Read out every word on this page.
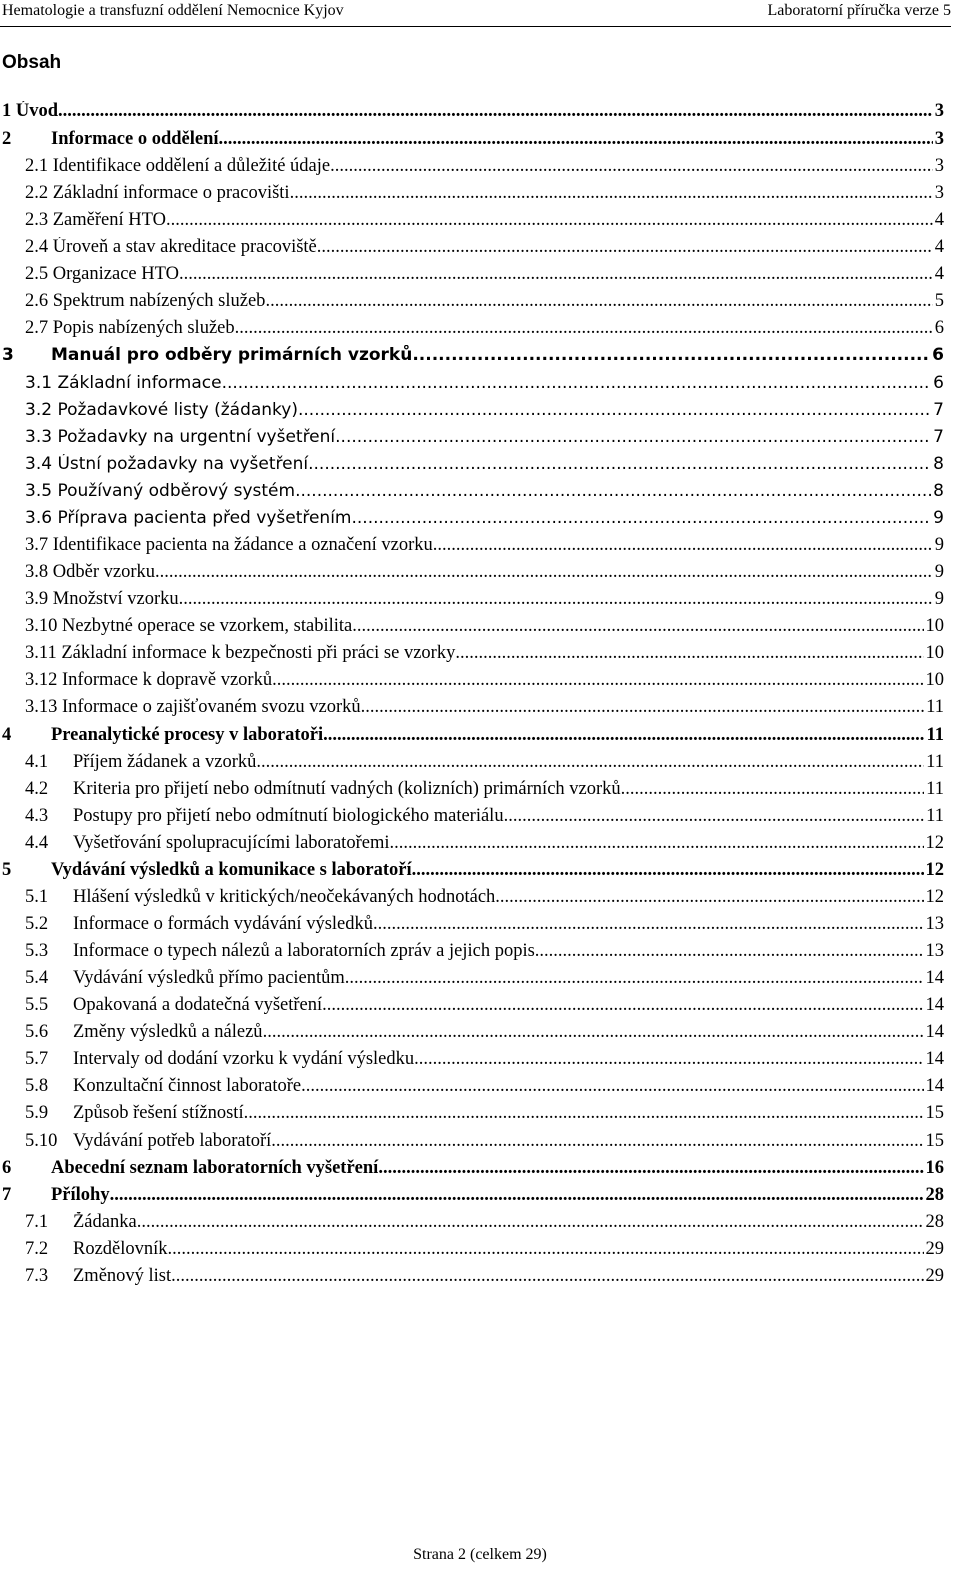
Hematologie a transfuzní oddělení Nemocnice Kyjov	Laboratorní příručka verze 5
Obsah
1 Úvod .....	3
2	Informace o oddělení .....	3
2.1 Identifikace oddělení a důležité údaje .....	3
2.2 Základní informace o pracovišti .....	3
2.3 Zaměření HTO .....	4
2.4 Úroveň a stav akreditace pracoviště .....	4
2.5 Organizace HTO .....	4
2.6 Spektrum nabízených služeb .....	5
2.7 Popis nabízených služeb .....	6
3	Manuál pro odběry primárních vzorků .....	6
3.1 Základní informace .....	6
3.2 Požadavkové listy (žádanky) .....	7
3.3 Požadavky na urgentní vyšetření .....	7
3.4 Ústní požadavky na vyšetření .....	8
3.5 Používaný odběrový systém .....	8
3.6 Příprava pacienta před vyšetřením .....	9
3.7 Identifikace pacienta na žádance a označení vzorku .....	9
3.8 Odběr vzorku .....	9
3.9 Množství vzorku .....	9
3.10 Nezbytné operace se vzorkem, stabilita .....	10
3.11 Základní informace k bezpečnosti při práci se vzorky .....	10
3.12 Informace k dopravě vzorků .....	10
3.13 Informace o zajišťovaném svozu vzorků .....	11
4	Preanalytické procesy v laboratoři .....	11
4.1	Příjem žádanek a vzorků .....	11
4.2	Kriteria pro přijetí nebo odmítnutí vadných (kolizních) primárních vzorků .....	11
4.3	Postupy pro přijetí nebo odmítnutí biologického materiálu .....	11
4.4	Vyšetřování spolupracujícími laboratořemi .....	12
5	Vydávání výsledků a komunikace s laboratoří .....	12
5.1	Hlášení výsledků v kritických/neočekávaných hodnotách .....	12
5.2	Informace o formách vydávání výsledků .....	13
5.3	Informace o typech nálezů a laboratorních zpráv a jejich popis .....	13
5.4	Vydávání výsledků přímo pacientům .....	14
5.5	Opakovaná a dodatečná vyšetření .....	14
5.6	Změny výsledků a nálezů .....	14
5.7	Intervaly od dodání vzorku k vydání výsledku .....	14
5.8	Konzultační činnost laboratoře .....	14
5.9	Způsob řešení stížností .....	15
5.10 Vydávání potřeb laboratoří .....	15
6	Abecední seznam laboratorních vyšetření .....	16
7	Přílohy .....	28
7.1	Žádanka .....	28
7.2	Rozdělovník .....	29
7.3	Změnový list .....	29
Strana 2 (celkem 29)
